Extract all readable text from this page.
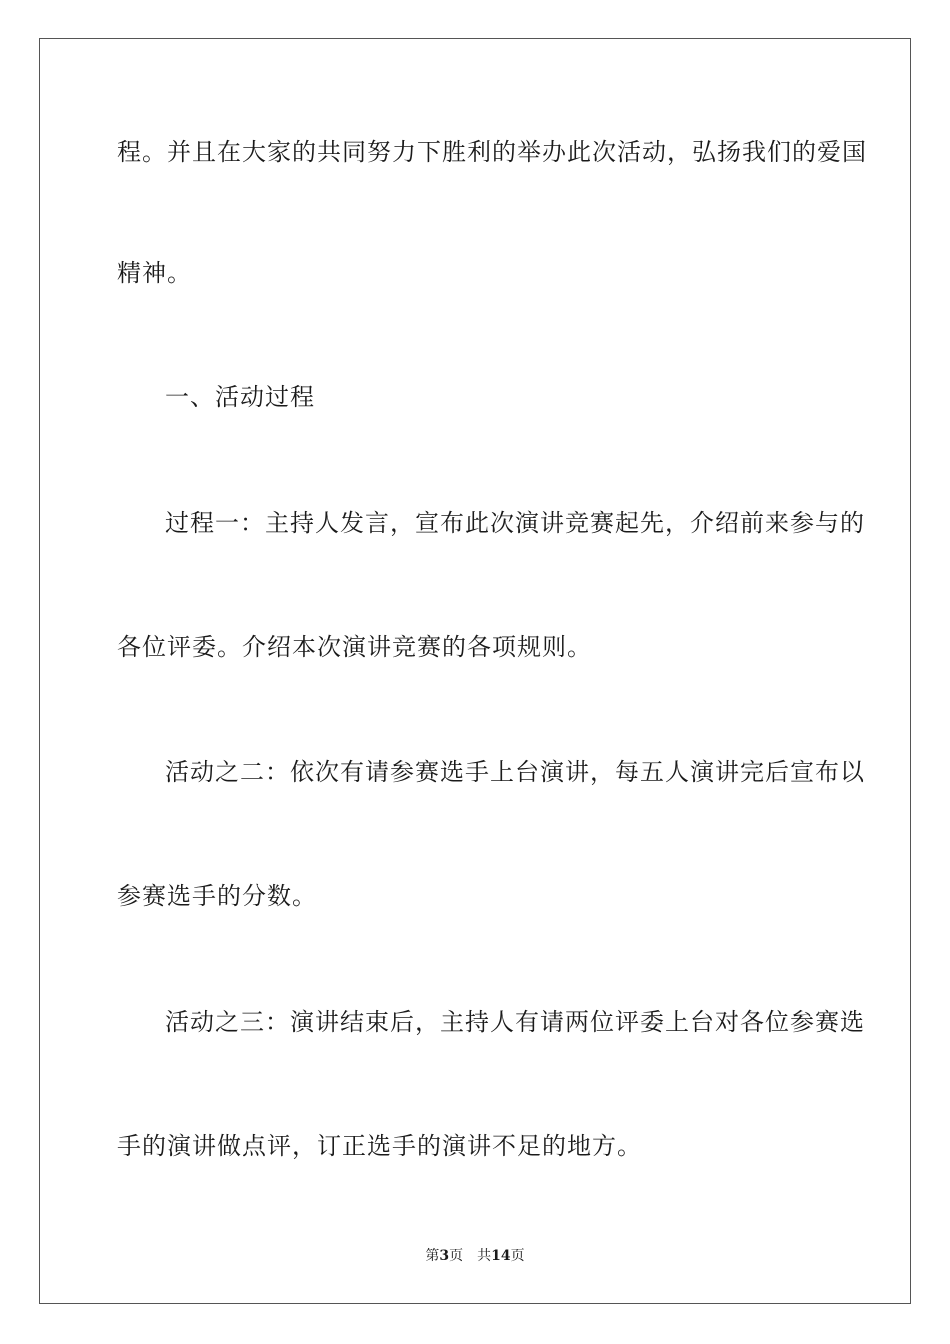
程。并且在大家的共同努力下胜利的举办此次活动，弘扬我们的爱国
精神。
一、活动过程
过程一：主持人发言，宣布此次演讲竞赛起先，介绍前来参与的
各位评委。介绍本次演讲竞赛的各项规则。
活动之二：依次有请参赛选手上台演讲，每五人演讲完后宣布以
参赛选手的分数。
活动之三：演讲结束后，主持人有请两位评委上台对各位参赛选
手的演讲做点评，订正选手的演讲不足的地方。
第3页 共14页
